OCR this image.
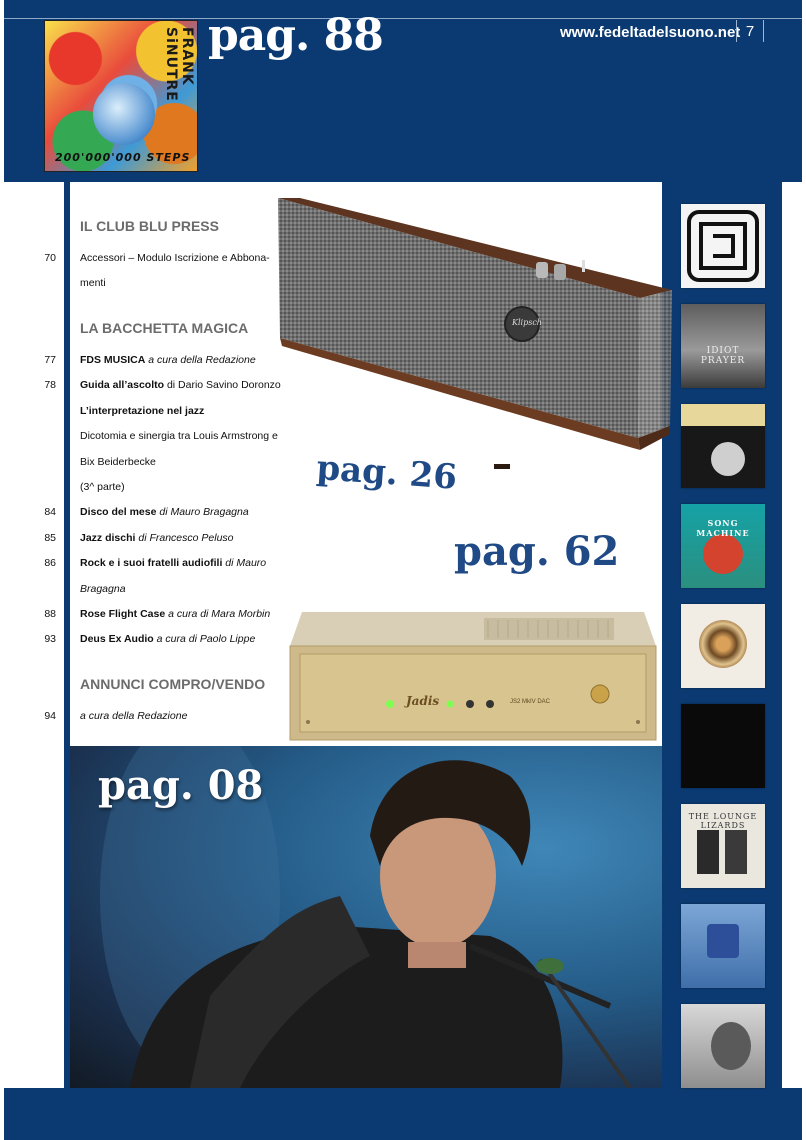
FRANK SiNUTRE
200'000'000 STEPS
pag. 88	www.fedeltadelsuono.net 7
Klipsch
pag. 26
pag. 62
Jadis	JS2 MkIV DAC
pag. 08
IL CLUB BLU PRESS
70 Accessori – Modulo Iscrizione e Abbona-
menti
LA BACCHETTA MAGICA
77 FDS MUSICA a cura della Redazione
78 Guida all’ascolto di Dario Savino Doronzo
L’interpretazione nel jazz
Dicotomia e sinergia tra Louis Armstrong e
Bix Beiderbecke
(3^ parte)
84 Disco del mese di Mauro Bragagna
85 Jazz dischi di Francesco Peluso
86 Rock e i suoi fratelli audiofili di Mauro
Bragagna
88 Rose Flight Case a cura di Mara Morbin
93 Deus Ex Audio a cura di Paolo Lippe
ANNUNCI COMPRO/VENDO
94 a cura della Redazione
IDIOT PRAYER
SONG MACHINE
THE LOUNGE LIZARDS
